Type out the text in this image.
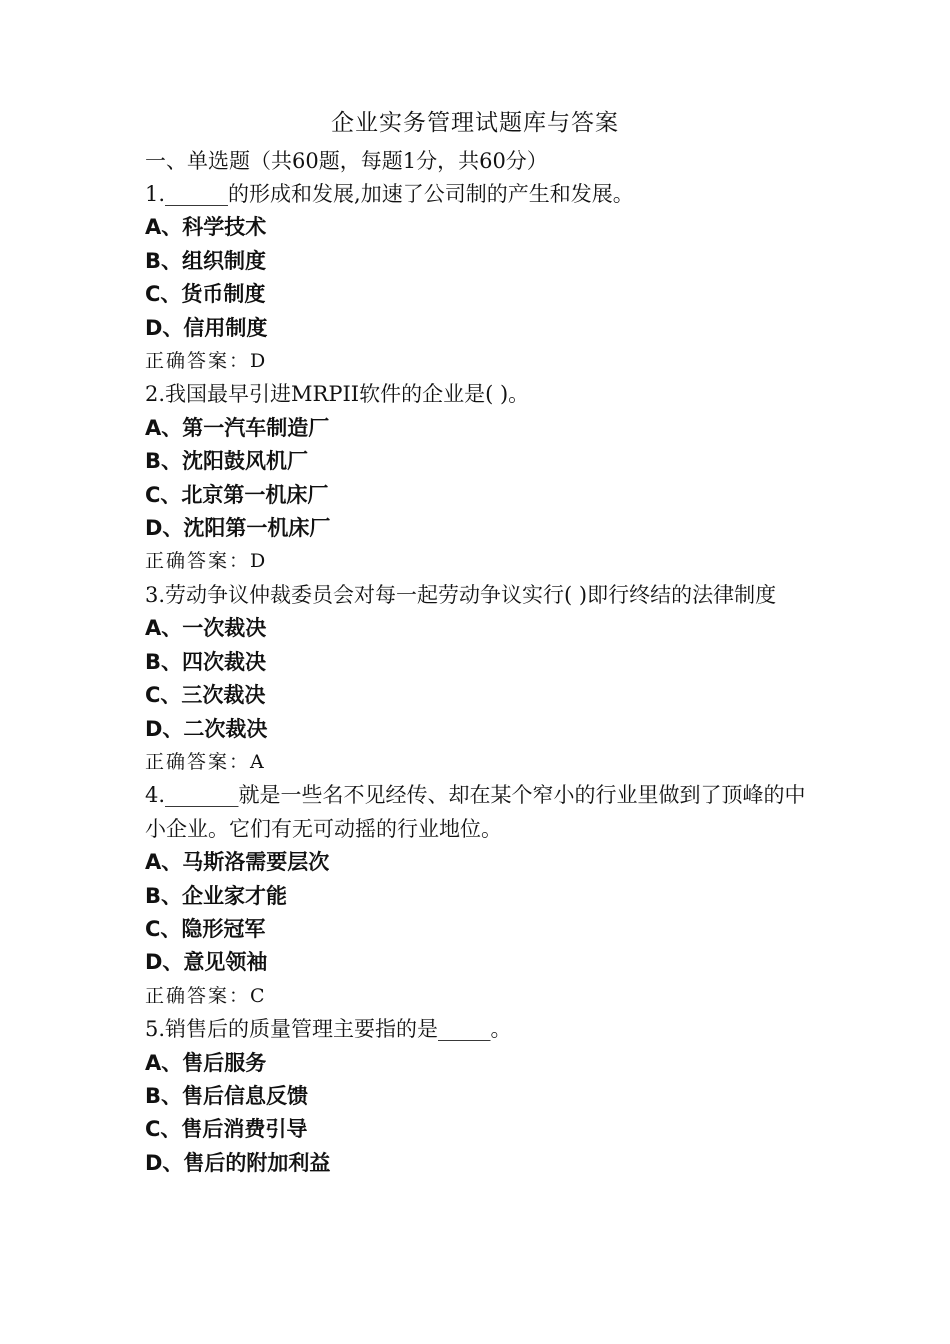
企业实务管理试题库与答案
一、单选题（共60题，每题1分，共60分）

1.______的形成和发展,加速了公司制的产生和发展。

A、科学技术

B、组织制度

C、货币制度

D、信用制度

正确答案：D

2.我国最早引进MRPII软件的企业是( )。

A、第一汽车制造厂

B、沈阳鼓风机厂

C、北京第一机床厂

D、沈阳第一机床厂

正确答案：D

3.劳动争议仲裁委员会对每一起劳动争议实行( )即行终结的法律制度

A、一次裁决

B、四次裁决

C、三次裁决

D、二次裁决

正确答案：A

4._______就是一些名不见经传、却在某个窄小的行业里做到了顶峰的中小企业。它们有无可动摇的行业地位。

A、马斯洛需要层次

B、企业家才能

C、隐形冠军

D、意见领袖

正确答案：C

5.销售后的质量管理主要指的是_____。

A、售后服务

B、售后信息反馈

C、售后消费引导

D、售后的附加利益
